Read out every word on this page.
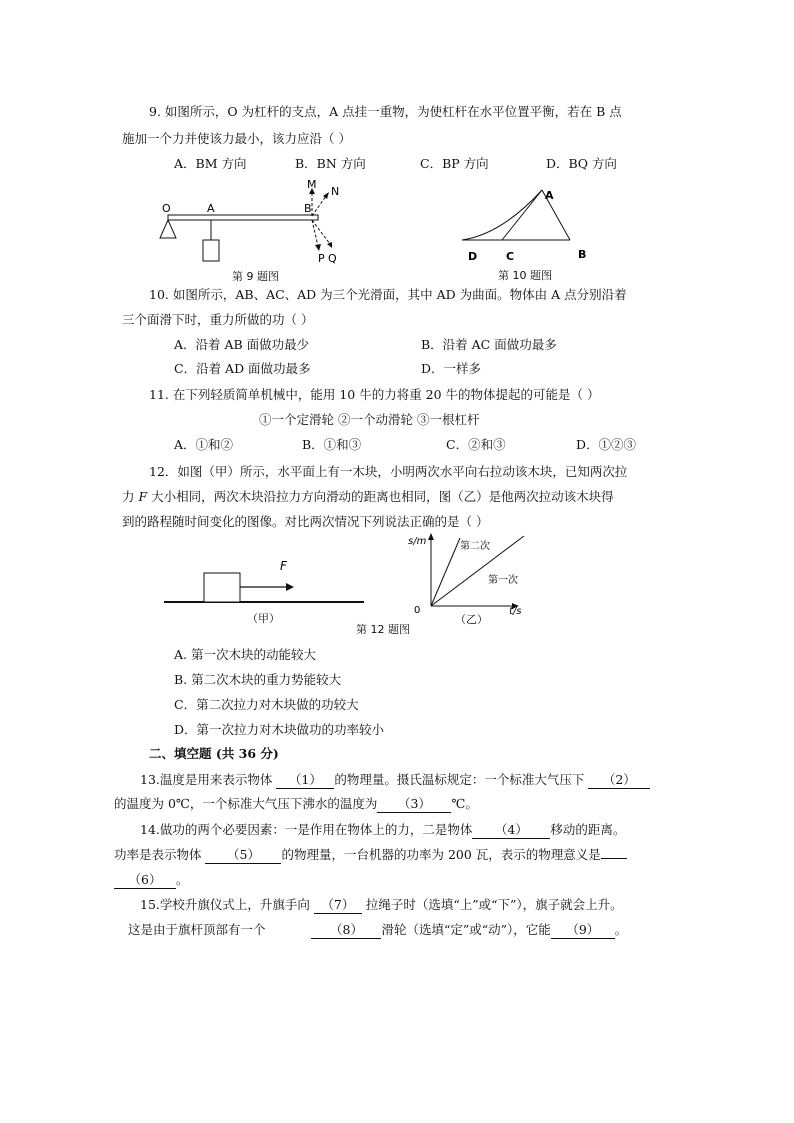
9. 如图所示，O 为杠杆的支点，A 点挂一重物，为使杠杆在水平位置平衡，若在 B 点
施加一个力并使该力最小，该力应沿（ ）
A．BM 方向	B．BN 方向	C．BP 方向	D．BQ 方向
O	A	B
M
N
P Q
第 9 题图
A
B
C
D
第 10 题图
10. 如图所示，AB、AC、AD 为三个光滑面，其中 AD 为曲面。物体由 A 点分别沿着
三个面滑下时，重力所做的功（ ）
A．沿着 AB 面做功最少	B．沿着 AC 面做功最多
C．沿着 AD 面做功最多	D．一样多
11. 在下列轻质简单机械中，能用 10 牛的力将重 20 牛的物体提起的可能是（ ）
①一个定滑轮 ②一个动滑轮 ③一根杠杆
A．①和②	B．①和③	C．②和③	D．①②③
12．如图（甲）所示，水平面上有一木块，小明两次水平向右拉动该木块，已知两次拉
力 F 大小相同，两次木块沿拉力方向滑动的距离也相同，图（乙）是他两次拉动该木块得
到的路程随时间变化的图像。对比两次情况下列说法正确的是（ ）
F
（甲）
s/m
t/s
0
第二次
第一次
（乙）
第 12 题图
A. 第一次木块的动能较大
B. 第二次木块的重力势能较大
C．第二次拉力对木块做的功较大
D．第一次拉力对木块做功的功率较小
二、填空题 (共 36 分)
13.温度是用来表示物体 （1） 的物理量。摄氏温标规定：一个标准大气压下 （2）
的温度为 0℃，一个标准大气压下沸水的温度为 （3） ℃。
14.做功的两个必要因素：一是作用在物体上的力，二是物体 （4） 移动的距离。
功率是表示物体 （5） 的物理量，一台机器的功率为 200 瓦，表示的物理意义是
（6） 。
15.学校升旗仪式上，升旗手向 （7） 拉绳子时（选填“上”或“下”），旗子就会上升。
这是由于旗杆顶部有一个	（8） 滑轮（选填“定”或“动”），它能 （9） 。
